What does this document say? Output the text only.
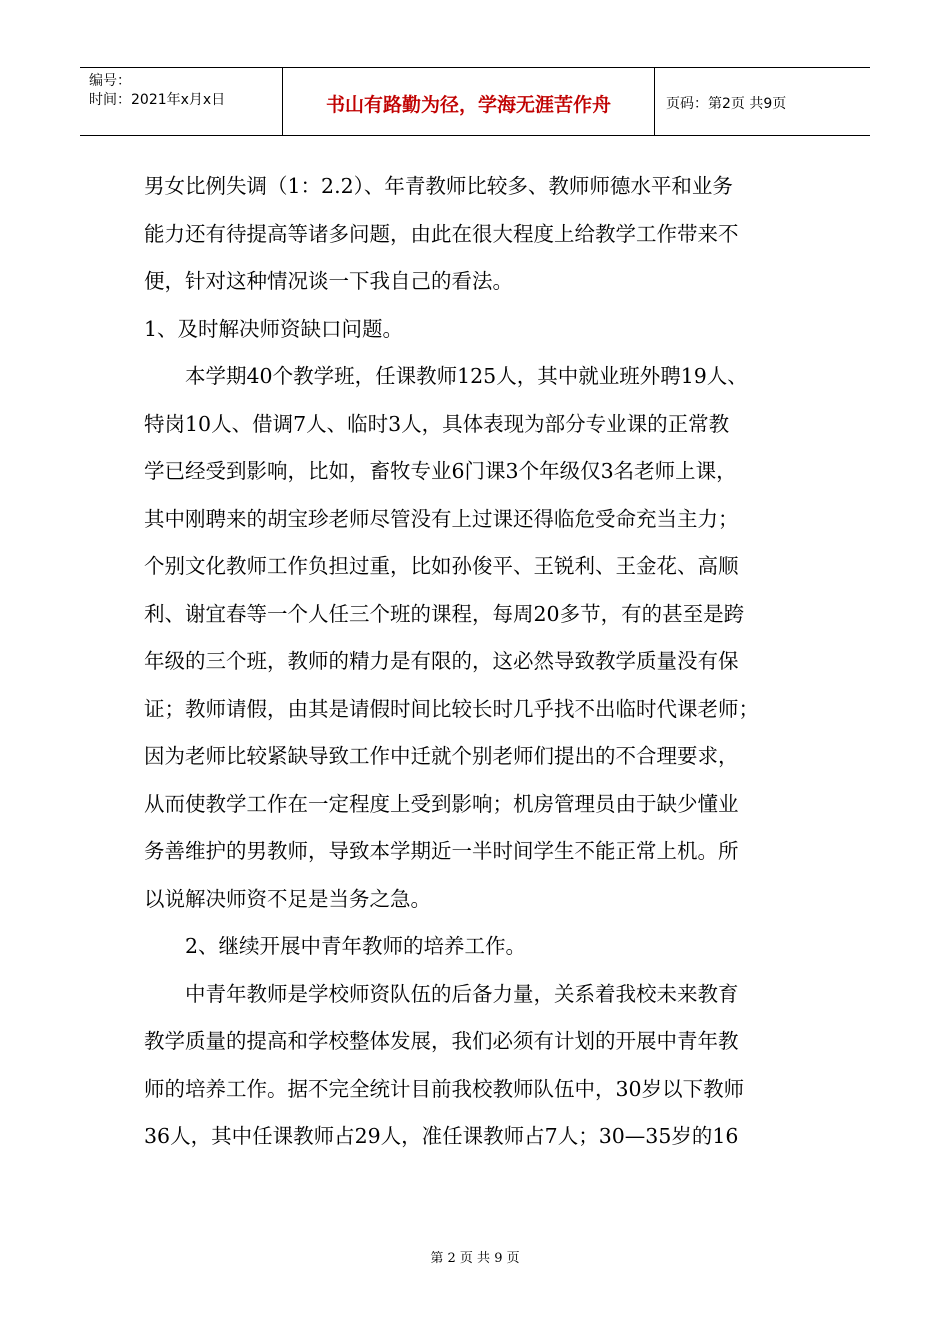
编号：
时间：2021年x月x日	书山有路勤为径，学海无涯苦作舟	页码：第2页 共9页

男女比例失调（1：2.2）、年青教师比较多、教师师德水平和业务

能力还有待提高等诸多问题，由此在很大程度上给教学工作带来不

便，针对这种情况谈一下我自己的看法。

1、及时解决师资缺口问题。

　　本学期40个教学班，任课教师125人，其中就业班外聘19人、

特岗10人、借调7人、临时3人，具体表现为部分专业课的正常教

学已经受到影响，比如，畜牧专业6门课3个年级仅3名老师上课，

其中刚聘来的胡宝珍老师尽管没有上过课还得临危受命充当主力；

个别文化教师工作负担过重，比如孙俊平、王锐利、王金花、高顺

利、谢宜春等一个人任三个班的课程，每周20多节，有的甚至是跨

年级的三个班，教师的精力是有限的，这必然导致教学质量没有保

证；教师请假，由其是请假时间比较长时几乎找不出临时代课老师；

因为老师比较紧缺导致工作中迁就个别老师们提出的不合理要求，

从而使教学工作在一定程度上受到影响；机房管理员由于缺少懂业

务善维护的男教师，导致本学期近一半时间学生不能正常上机。所

以说解决师资不足是当务之急。

　　2、继续开展中青年教师的培养工作。

　　中青年教师是学校师资队伍的后备力量，关系着我校未来教育

教学质量的提高和学校整体发展，我们必须有计划的开展中青年教

师的培养工作。据不完全统计目前我校教师队伍中，30岁以下教师

36人，其中任课教师占29人，准任课教师占7人；30—35岁的16

第 2 页 共 9 页
